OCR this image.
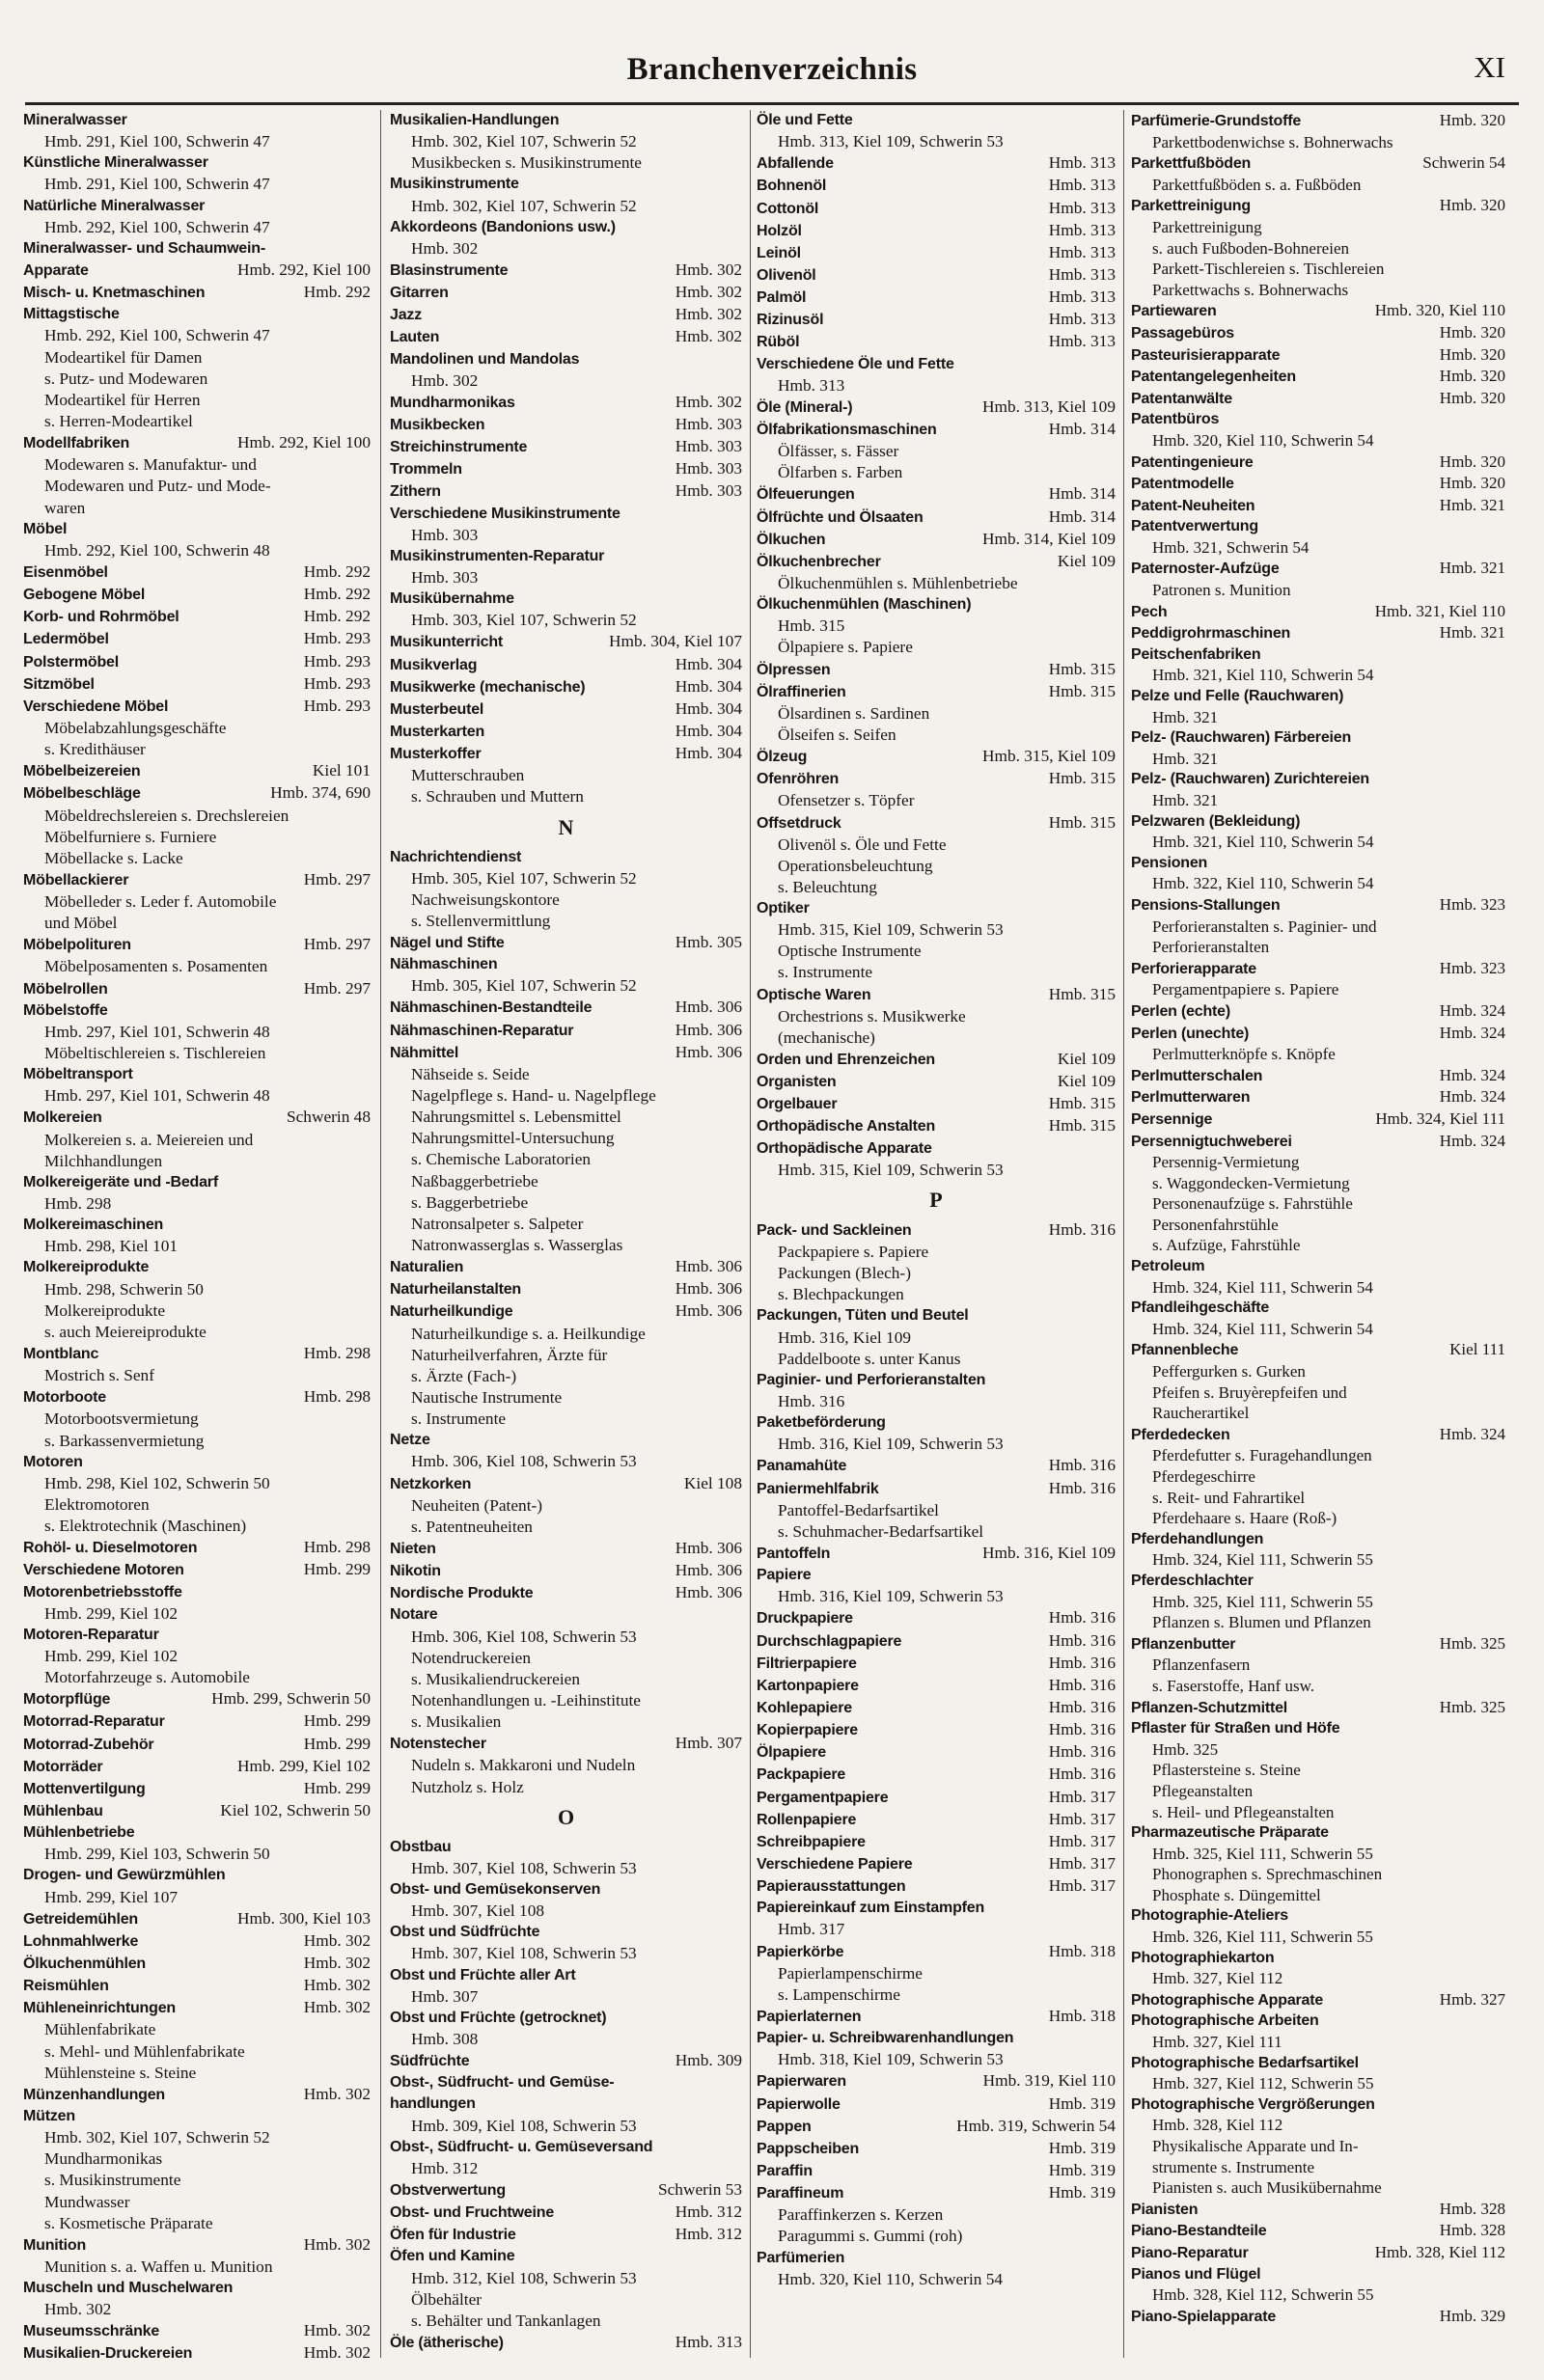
Branchenverzeichnis	XI
Mineralwasser
Hmb. 291, Kiel 100, Schwerin 47
Künstliche Mineralwasser
Hmb. 291, Kiel 100, Schwerin 47
Natürliche Mineralwasser
Hmb. 292, Kiel 100, Schwerin 47
Mineralwasser- und Schaumwein-
Apparate	Hmb. 292, Kiel 100
Misch- u. Knetmaschinen	Hmb. 292
Mittagstische
Hmb. 292, Kiel 100, Schwerin 47
Modeartikel für Damen
s. Putz- und Modewaren
Modeartikel für Herren
s. Herren-Modeartikel
Modellfabriken	Hmb. 292, Kiel 100
Modewaren s. Manufaktur- und
Modewaren und Putz- und Mode-
waren
Möbel
Hmb. 292, Kiel 100, Schwerin 48
Eisenmöbel	Hmb. 292
Gebogene Möbel	Hmb. 292
Korb- und Rohrmöbel	Hmb. 292
Ledermöbel	Hmb. 293
Polstermöbel	Hmb. 293
Sitzmöbel	Hmb. 293
Verschiedene Möbel	Hmb. 293
Möbelabzahlungsgeschäfte
s. Kredithäuser
Möbelbeizereien	Kiel 101
Möbelbeschläge	Hmb. 374, 690
Möbeldrechslereien s. Drechslereien
Möbelfurniere s. Furniere
Möbellacke s. Lacke
Möbellackierer	Hmb. 297
Möbelleder s. Leder f. Automobile
und Möbel
Möbelpolituren	Hmb. 297
Möbelposamenten s. Posamenten
Möbelrollen	Hmb. 297
Möbelstoffe
Hmb. 297, Kiel 101, Schwerin 48
Möbeltischlereien s. Tischlereien
Möbeltransport
Hmb. 297, Kiel 101, Schwerin 48
Molkereien	Schwerin 48
Molkereien s. a. Meiereien und
Milchhandlungen
Molkereigeräte und -Bedarf
Hmb. 298
Molkereimaschinen
Hmb. 298, Kiel 101
Molkereiprodukte
Hmb. 298, Schwerin 50
Molkereiprodukte
s. auch Meiereiprodukte
Montblanc	Hmb. 298
Mostrich s. Senf
Motorboote	Hmb. 298
Motorbootsvermietung
s. Barkassenvermietung
Motoren
Hmb. 298, Kiel 102, Schwerin 50
Elektromotoren
s. Elektrotechnik (Maschinen)
Rohöl- u. Dieselmotoren	Hmb. 298
Verschiedene Motoren	Hmb. 299
Motorenbetriebsstoffe
Hmb. 299, Kiel 102
Motoren-Reparatur
Hmb. 299, Kiel 102
Motorfahrzeuge s. Automobile
Motorpflüge	Hmb. 299, Schwerin 50
Motorrad-Reparatur	Hmb. 299
Motorrad-Zubehör	Hmb. 299
Motorräder	Hmb. 299, Kiel 102
Mottenvertilgung	Hmb. 299
Mühlenbau	Kiel 102, Schwerin 50
Mühlenbetriebe
Hmb. 299, Kiel 103, Schwerin 50
Drogen- und Gewürzmühlen
Hmb. 299, Kiel 107
Getreidemühlen	Hmb. 300, Kiel 103
Lohnmahlwerke	Hmb. 302
Ölkuchenmühlen	Hmb. 302
Reismühlen	Hmb. 302
Mühleneinrichtungen	Hmb. 302
Mühlenfabrikate
s. Mehl- und Mühlenfabrikate
Mühlensteine s. Steine
Münzenhandlungen	Hmb. 302
Mützen
Hmb. 302, Kiel 107, Schwerin 52
Mundharmonikas
s. Musikinstrumente
Mundwasser
s. Kosmetische Präparate
Munition	Hmb. 302
Munition s. a. Waffen u. Munition
Muscheln und Muschelwaren
Hmb. 302
Museumsschränke	Hmb. 302
Musikalien-Druckereien	Hmb. 302
Musikalien-Handlungen
Hmb. 302, Kiel 107, Schwerin 52
Musikbecken s. Musikinstrumente
Musikinstrumente
Hmb. 302, Kiel 107, Schwerin 52
Akkordeons (Bandonions usw.)
Hmb. 302
Blasinstrumente	Hmb. 302
Gitarren	Hmb. 302
Jazz	Hmb. 302
Lauten	Hmb. 302
Mandolinen und Mandolas
Hmb. 302
Mundharmonikas	Hmb. 302
Musikbecken	Hmb. 303
Streichinstrumente	Hmb. 303
Trommeln	Hmb. 303
Zithern	Hmb. 303
Verschiedene Musikinstrumente
Hmb. 303
Musikinstrumenten-Reparatur
Hmb. 303
Musikübernahme
Hmb. 303, Kiel 107, Schwerin 52
Musikunterricht	Hmb. 304, Kiel 107
Musikverlag	Hmb. 304
Musikwerke (mechanische)	Hmb. 304
Musterbeutel	Hmb. 304
Musterkarten	Hmb. 304
Musterkoffer	Hmb. 304
Mutterschrauben
s. Schrauben und Muttern
N
Nachrichtendienst
Hmb. 305, Kiel 107, Schwerin 52
Nachweisungskontore
s. Stellenvermittlung
Nägel und Stifte	Hmb. 305
Nähmaschinen
Hmb. 305, Kiel 107, Schwerin 52
Nähmaschinen-Bestandteile	Hmb. 306
Nähmaschinen-Reparatur	Hmb. 306
Nähmittel	Hmb. 306
Nähseide s. Seide
Nagelpflege s. Hand- u. Nagelpflege
Nahrungsmittel s. Lebensmittel
Nahrungsmittel-Untersuchung
s. Chemische Laboratorien
Naßbaggerbetriebe
s. Baggerbetriebe
Natronsalpeter s. Salpeter
Natronwasserglas s. Wasserglas
Naturalien	Hmb. 306
Naturheilanstalten	Hmb. 306
Naturheilkundige	Hmb. 306
Naturheilkundige s. a. Heilkundige
Naturheilverfahren, Ärzte für
s. Ärzte (Fach-)
Nautische Instrumente
s. Instrumente
Netze
Hmb. 306, Kiel 108, Schwerin 53
Netzkorken	Kiel 108
Neuheiten (Patent-)
s. Patentneuheiten
Nieten	Hmb. 306
Nikotin	Hmb. 306
Nordische Produkte	Hmb. 306
Notare
Hmb. 306, Kiel 108, Schwerin 53
Notendruckereien
s. Musikaliendruckereien
Notenhandlungen u. -Leihinstitute
s. Musikalien
Notenstecher	Hmb. 307
Nudeln s. Makkaroni und Nudeln
Nutzholz s. Holz
O
Obstbau
Hmb. 307, Kiel 108, Schwerin 53
Obst- und Gemüsekonserven
Hmb. 307, Kiel 108
Obst und Südfrüchte
Hmb. 307, Kiel 108, Schwerin 53
Obst und Früchte aller Art
Hmb. 307
Obst und Früchte (getrocknet)
Hmb. 308
Südfrüchte	Hmb. 309
Obst-, Südfrucht- und Gemüse-
handlungen
Hmb. 309, Kiel 108, Schwerin 53
Obst-, Südfrucht- u. Gemüseversand
Hmb. 312
Obstverwertung	Schwerin 53
Obst- und Fruchtweine	Hmb. 312
Öfen für Industrie	Hmb. 312
Öfen und Kamine
Hmb. 312, Kiel 108, Schwerin 53
Ölbehälter
s. Behälter und Tankanlagen
Öle (ätherische)	Hmb. 313
Öle und Fette
Hmb. 313, Kiel 109, Schwerin 53
Abfallende	Hmb. 313
Bohnenöl	Hmb. 313
Cottonöl	Hmb. 313
Holzöl	Hmb. 313
Leinöl	Hmb. 313
Olivenöl	Hmb. 313
Palmöl	Hmb. 313
Rizinusöl	Hmb. 313
Rüböl	Hmb. 313
Verschiedene Öle und Fette
Hmb. 313
Öle (Mineral-)	Hmb. 313, Kiel 109
Ölfabrikationsmaschinen	Hmb. 314
Ölfässer, s. Fässer
Ölfarben s. Farben
Ölfeuerungen	Hmb. 314
Ölfrüchte und Ölsaaten	Hmb. 314
Ölkuchen	Hmb. 314, Kiel 109
Ölkuchenbrecher	Kiel 109
Ölkuchenmühlen s. Mühlenbetriebe
Ölkuchenmühlen (Maschinen)
Hmb. 315
Ölpapiere s. Papiere
Ölpressen	Hmb. 315
Ölraffinerien	Hmb. 315
Ölsardinen s. Sardinen
Ölseifen s. Seifen
Ölzeug	Hmb. 315, Kiel 109
Ofenröhren	Hmb. 315
Ofensetzer s. Töpfer
Offsetdruck	Hmb. 315
Olivenöl s. Öle und Fette
Operationsbeleuchtung
s. Beleuchtung
Optiker
Hmb. 315, Kiel 109, Schwerin 53
Optische Instrumente
s. Instrumente
Optische Waren	Hmb. 315
Orchestrions s. Musikwerke
(mechanische)
Orden und Ehrenzeichen	Kiel 109
Organisten	Kiel 109
Orgelbauer	Hmb. 315
Orthopädische Anstalten	Hmb. 315
Orthopädische Apparate
Hmb. 315, Kiel 109, Schwerin 53
P
Pack- und Sackleinen	Hmb. 316
Packpapiere s. Papiere
Packungen (Blech-)
s. Blechpackungen
Packungen, Tüten und Beutel
Hmb. 316, Kiel 109
Paddelboote s. unter Kanus
Paginier- und Perforieranstalten
Hmb. 316
Paketbeförderung
Hmb. 316, Kiel 109, Schwerin 53
Panamahüte	Hmb. 316
Paniermehlfabrik	Hmb. 316
Pantoffel-Bedarfsartikel
s. Schuhmacher-Bedarfsartikel
Pantoffeln	Hmb. 316, Kiel 109
Papiere
Hmb. 316, Kiel 109, Schwerin 53
Druckpapiere	Hmb. 316
Durchschlagpapiere	Hmb. 316
Filtrierpapiere	Hmb. 316
Kartonpapiere	Hmb. 316
Kohlepapiere	Hmb. 316
Kopierpapiere	Hmb. 316
Ölpapiere	Hmb. 316
Packpapiere	Hmb. 316
Pergamentpapiere	Hmb. 317
Rollenpapiere	Hmb. 317
Schreibpapiere	Hmb. 317
Verschiedene Papiere	Hmb. 317
Papierausstattungen	Hmb. 317
Papiereinkauf zum Einstampfen
Hmb. 317
Papierkörbe	Hmb. 318
Papierlampenschirme
s. Lampenschirme
Papierlaternen	Hmb. 318
Papier- u. Schreibwarenhandlungen
Hmb. 318, Kiel 109, Schwerin 53
Papierwaren	Hmb. 319, Kiel 110
Papierwolle	Hmb. 319
Pappen	Hmb. 319, Schwerin 54
Pappscheiben	Hmb. 319
Paraffin	Hmb. 319
Paraffineum	Hmb. 319
Paraffinkerzen s. Kerzen
Paragummi s. Gummi (roh)
Parfümerien
Hmb. 320, Kiel 110, Schwerin 54
Parfümerie-Grundstoffe	Hmb. 320
Parkettbodenwichse s. Bohnerwachs
Parkettfußböden	Schwerin 54
Parkettfußböden s. a. Fußböden
Parkettreinigung	Hmb. 320
Parkettreinigung
s. auch Fußboden-Bohnereien
Parkett-Tischlereien s. Tischlereien
Parkettwachs s. Bohnerwachs
Partiewaren	Hmb. 320, Kiel 110
Passagebüros	Hmb. 320
Pasteurisierapparate	Hmb. 320
Patentangelegenheiten	Hmb. 320
Patentanwälte	Hmb. 320
Patentbüros
Hmb. 320, Kiel 110, Schwerin 54
Patentingenieure	Hmb. 320
Patentmodelle	Hmb. 320
Patent-Neuheiten	Hmb. 321
Patentverwertung
Hmb. 321, Schwerin 54
Paternoster-Aufzüge	Hmb. 321
Patronen s. Munition
Pech	Hmb. 321, Kiel 110
Peddigrohrmaschinen	Hmb. 321
Peitschenfabriken
Hmb. 321, Kiel 110, Schwerin 54
Pelze und Felle (Rauchwaren)
Hmb. 321
Pelz- (Rauchwaren) Färbereien
Hmb. 321
Pelz- (Rauchwaren) Zurichtereien
Hmb. 321
Pelzwaren (Bekleidung)
Hmb. 321, Kiel 110, Schwerin 54
Pensionen
Hmb. 322, Kiel 110, Schwerin 54
Pensions-Stallungen	Hmb. 323
Perforieranstalten s. Paginier- und
Perforieranstalten
Perforierapparate	Hmb. 323
Pergamentpapiere s. Papiere
Perlen (echte)	Hmb. 324
Perlen (unechte)	Hmb. 324
Perlmutterknöpfe s. Knöpfe
Perlmutterschalen	Hmb. 324
Perlmutterwaren	Hmb. 324
Persennige	Hmb. 324, Kiel 111
Persennigtuchweberei	Hmb. 324
Persennig-Vermietung
s. Waggondecken-Vermietung
Personenaufzüge s. Fahrstühle
Personenfahrstühle
s. Aufzüge, Fahrstühle
Petroleum
Hmb. 324, Kiel 111, Schwerin 54
Pfandleihgeschäfte
Hmb. 324, Kiel 111, Schwerin 54
Pfannenbleche	Kiel 111
Peffergurken s. Gurken
Pfeifen s. Bruyèrepfeifen und
Raucherartikel
Pferdedecken	Hmb. 324
Pferdefutter s. Furagehandlungen
Pferdegeschirre
s. Reit- und Fahrartikel
Pferdehaare s. Haare (Roß-)
Pferdehandlungen
Hmb. 324, Kiel 111, Schwerin 55
Pferdeschlachter
Hmb. 325, Kiel 111, Schwerin 55
Pflanzen s. Blumen und Pflanzen
Pflanzenbutter	Hmb. 325
Pflanzenfasern
s. Faserstoffe, Hanf usw.
Pflanzen-Schutzmittel	Hmb. 325
Pflaster für Straßen und Höfe
Hmb. 325
Pflastersteine s. Steine
Pflegeanstalten
s. Heil- und Pflegeanstalten
Pharmazeutische Präparate
Hmb. 325, Kiel 111, Schwerin 55
Phonographen s. Sprechmaschinen
Phosphate s. Düngemittel
Photographie-Ateliers
Hmb. 326, Kiel 111, Schwerin 55
Photographiekarton
Hmb. 327, Kiel 112
Photographische Apparate	Hmb. 327
Photographische Arbeiten
Hmb. 327, Kiel 111
Photographische Bedarfsartikel
Hmb. 327, Kiel 112, Schwerin 55
Photographische Vergrößerungen
Hmb. 328, Kiel 112
Physikalische Apparate und In-
strumente s. Instrumente
Pianisten s. auch Musikübernahme
Pianisten	Hmb. 328
Piano-Bestandteile	Hmb. 328
Piano-Reparatur	Hmb. 328, Kiel 112
Pianos und Flügel
Hmb. 328, Kiel 112, Schwerin 55
Piano-Spielapparate	Hmb. 329
